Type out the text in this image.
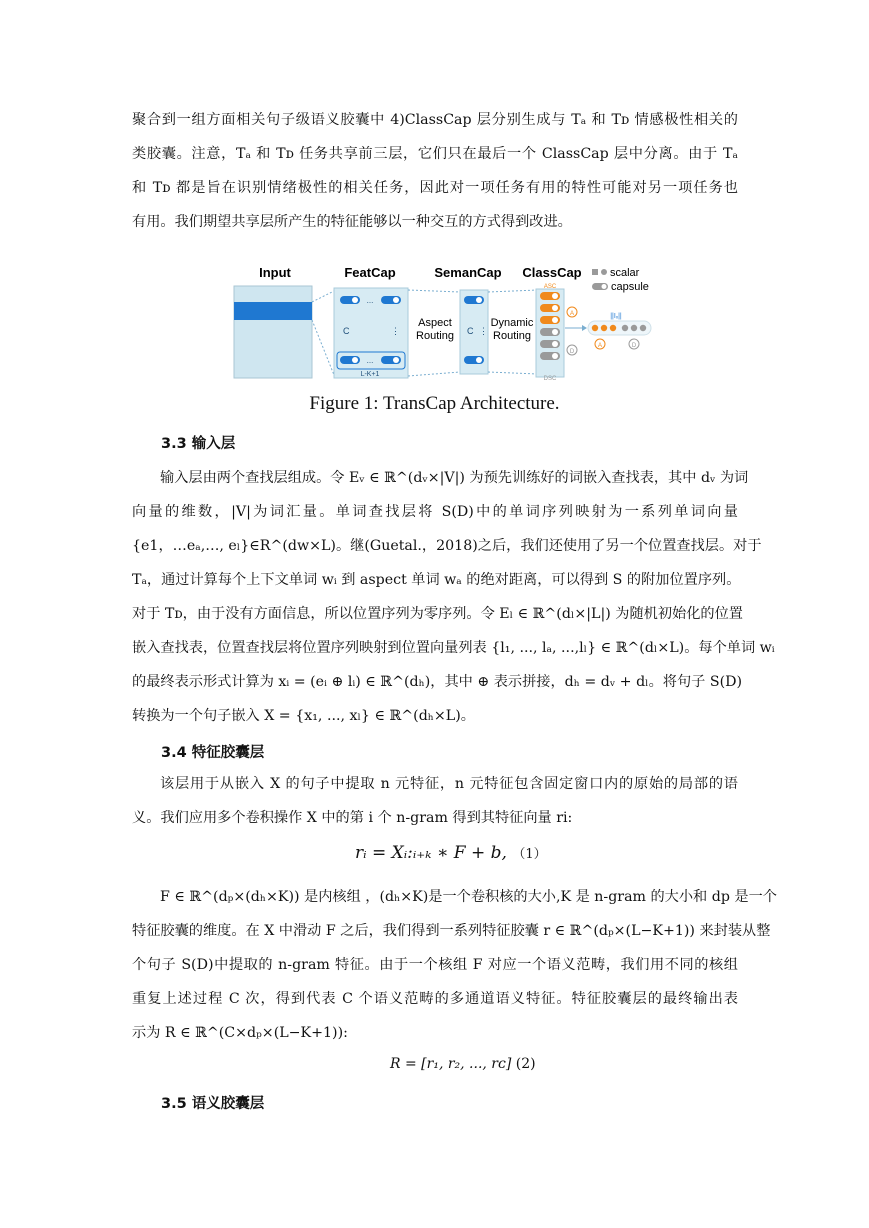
聚合到一组方面相关句子级语义胶囊中 4)ClassCap 层分别生成与 Tₐ 和 Tᴅ 情感极性相关的
类胶囊。注意，Tₐ 和 Tᴅ 任务共享前三层，它们只在最后一个 ClassCap 层中分离。由于 Tₐ
和 Tᴅ 都是旨在识别情绪极性的相关任务，因此对一项任务有用的特性可能对另一项任务也
有用。我们期望共享层所产生的特征能够以一种交互的方式得到改进。
Input	FeatCap	SemanCap ClassCap
...
C	⋮
...
L-K+1
Aspect
Routing C ⋮
Dynamic
Routing
ASC
DSC
A
D
scalar
capsule
||Iₓ||
A	D
Figure 1: TransCap Architecture.
3.3 输入层
输入层由两个查找层组成。令 Eᵥ ∈ ℝ^(dᵥ×|V|) 为预先训练好的词嵌入查找表，其中 dᵥ 为词
向量的维数，|V|为词汇量。单词查找层将 S(D)中的单词序列映射为一系列单词向量
{e1，…eₐ,…, eₗ}∈R^(dw×L)。继(Guetal.，2018)之后，我们还使用了另一个位置查找层。对于
Tₐ，通过计算每个上下文单词 wᵢ 到 aspect 单词 wₐ 的绝对距离，可以得到 S 的附加位置序列。
对于 Tᴅ，由于没有方面信息，所以位置序列为零序列。令 Eₗ ∈ ℝ^(dₗ×|L|) 为随机初始化的位置
嵌入查找表，位置查找层将位置序列映射到位置向量列表 {l₁, ..., lₐ, ...,lₗ} ∈ ℝ^(dₗ×L)。每个单词 wᵢ
的最终表示形式计算为 xᵢ = (eᵢ ⊕ lᵢ) ∈ ℝ^(dₕ)，其中 ⊕ 表示拼接，dₕ = dᵥ + dₗ。将句子 S(D)
转换为一个句子嵌入 X = {x₁, ..., xₗ} ∈ ℝ^(dₕ×L)。
3.4 特征胶囊层
该层用于从嵌入 X 的句子中提取 n 元特征，n 元特征包含固定窗口内的原始的局部的语
义。我们应用多个卷积操作 X 中的第 i 个 n-gram 得到其特征向量 ri:
rᵢ = Xᵢ:ᵢ₊ₖ ∗ F + b, （1）
F ∈ ℝ^(dₚ×(dₕ×K)) 是内核组 ，(dₕ×K)是一个卷积核的大小,K 是 n-gram 的大小和 dp 是一个
特征胶囊的维度。在 X 中滑动 F 之后，我们得到一系列特征胶囊 r ∈ ℝ^(dₚ×(L−K+1)) 来封装从整
个句子 S(D)中提取的 n-gram 特征。由于一个核组 F 对应一个语义范畴，我们用不同的核组
重复上述过程 C 次，得到代表 C 个语义范畴的多通道语义特征。特征胶囊层的最终输出表
示为 R ∈ ℝ^(C×dₚ×(L−K+1)):
R = [r₁, r₂, ..., rᴄ] (2)
3.5 语义胶囊层
